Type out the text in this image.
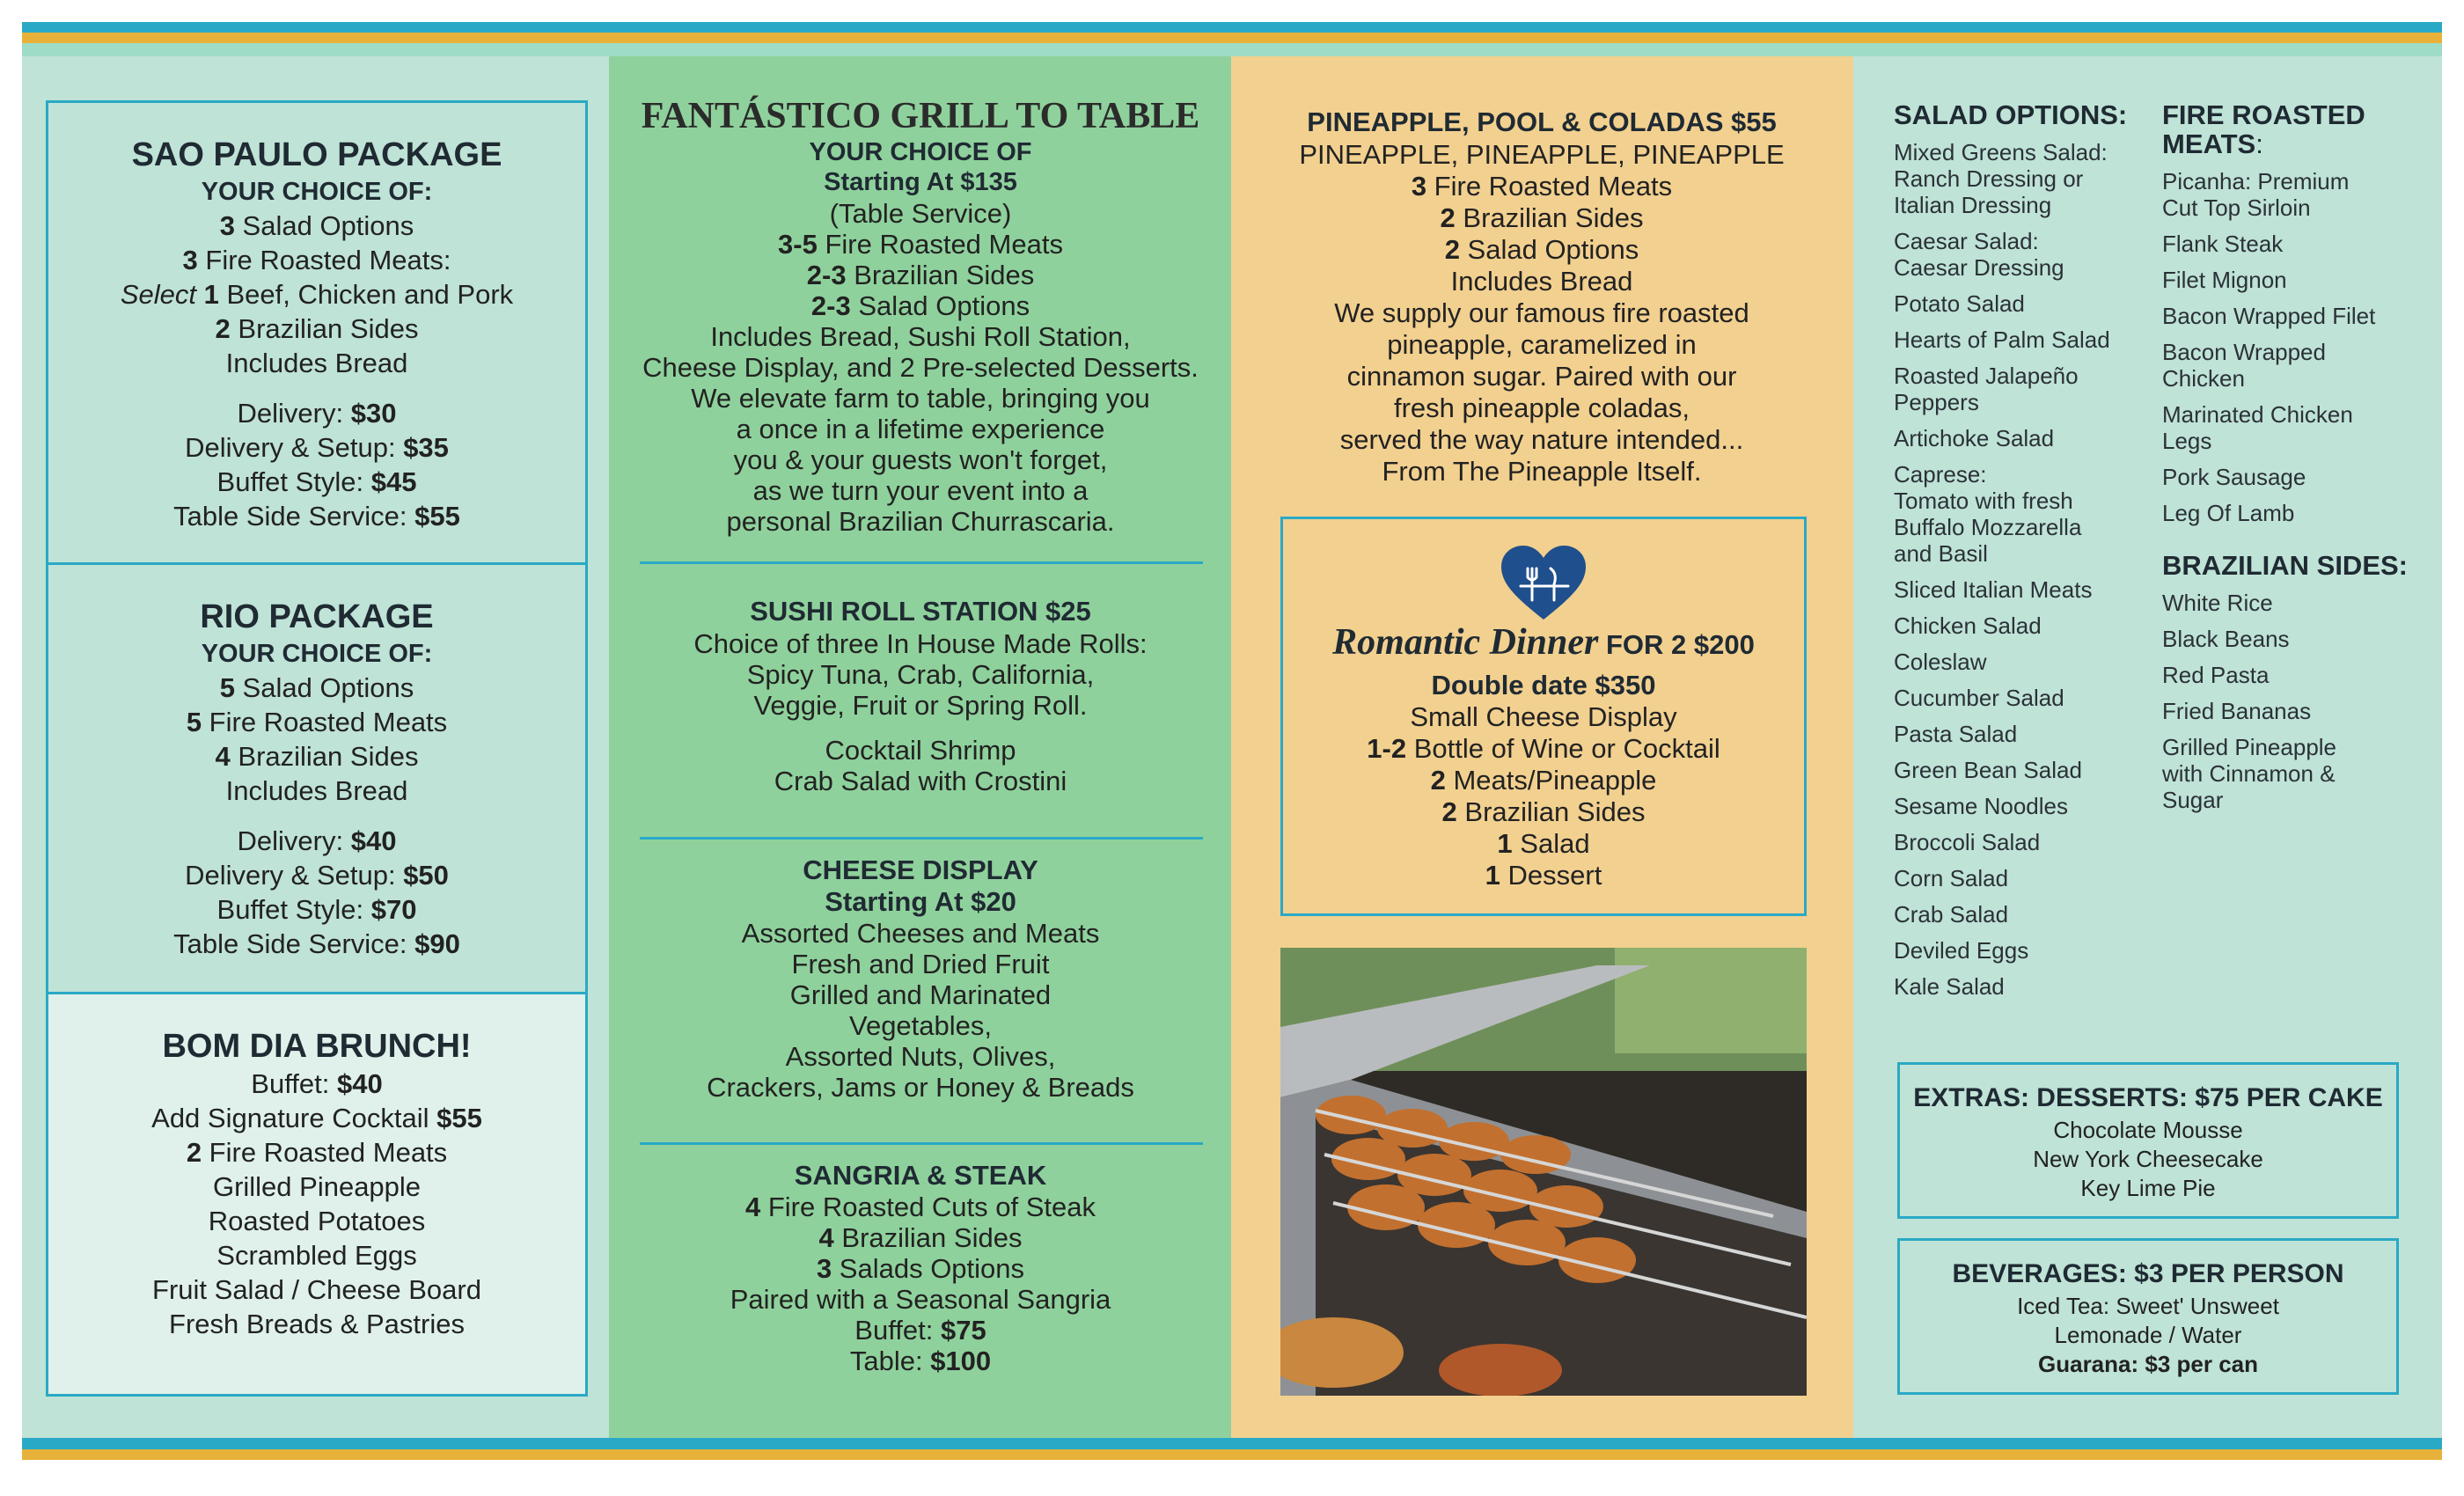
SAO PAULO PACKAGE
YOUR CHOICE OF:
3 Salad Options
3 Fire Roasted Meats:
Select 1 Beef, Chicken and Pork
2 Brazilian Sides
Includes Bread
Delivery: $30
Delivery & Setup: $35
Buffet Style: $45
Table Side Service: $55
RIO PACKAGE
YOUR CHOICE OF:
5 Salad Options
5 Fire Roasted Meats
4 Brazilian Sides
Includes Bread
Delivery: $40
Delivery & Setup: $50
Buffet Style: $70
Table Side Service: $90
BOM DIA BRUNCH!
Buffet: $40
Add Signature Cocktail $55
2 Fire Roasted Meats
Grilled Pineapple
Roasted Potatoes
Scrambled Eggs
Fruit Salad / Cheese Board
Fresh Breads & Pastries
FANTÁSTICO GRILL TO TABLE
YOUR CHOICE OF
Starting At $135
(Table Service)
3-5 Fire Roasted Meats
2-3 Brazilian Sides
2-3 Salad Options
Includes Bread, Sushi Roll Station,
Cheese Display, and 2 Pre-selected Desserts.
We elevate farm to table, bringing you
a once in a lifetime experience
you & your guests won't forget,
as we turn your event into a
personal Brazilian Churrascaria.
SUSHI ROLL STATION $25
Choice of three In House Made Rolls:
Spicy Tuna, Crab, California,
Veggie, Fruit or Spring Roll.
Cocktail Shrimp
Crab Salad with Crostini
CHEESE DISPLAY
Starting At $20
Assorted Cheeses and Meats
Fresh and Dried Fruit
Grilled and Marinated
Vegetables,
Assorted Nuts, Olives,
Crackers, Jams or Honey & Breads
SANGRIA & STEAK
4 Fire Roasted Cuts of Steak
4 Brazilian Sides
3 Salads Options
Paired with a Seasonal Sangria
Buffet: $75
Table: $100
PINEAPPLE, POOL & COLADAS $55
PINEAPPLE, PINEAPPLE, PINEAPPLE
3 Fire Roasted Meats
2 Brazilian Sides
2 Salad Options
Includes Bread
We supply our famous fire roasted
pineapple, caramelized in
cinnamon sugar. Paired with our
fresh pineapple coladas,
served the way nature intended...
From The Pineapple Itself.
Romantic Dinner FOR 2 $200
Double date $350
Small Cheese Display
1-2 Bottle of Wine or Cocktail
2 Meats/Pineapple
2 Brazilian Sides
1 Salad
1 Dessert
SALAD OPTIONS:
Mixed Greens Salad:
Ranch Dressing or
Italian Dressing
Caesar Salad:
Caesar Dressing
Potato Salad
Hearts of Palm Salad
Roasted Jalapeño
Peppers
Artichoke Salad
Caprese:
Tomato with fresh
Buffalo Mozzarella
and Basil
Sliced Italian Meats
Chicken Salad
Coleslaw
Cucumber Salad
Pasta Salad
Green Bean Salad
Sesame Noodles
Broccoli Salad
Corn Salad
Crab Salad
Deviled Eggs
Kale Salad
FIRE ROASTED
MEATS:
Picanha: Premium
Cut Top Sirloin
Flank Steak
Filet Mignon
Bacon Wrapped Filet
Bacon Wrapped
Chicken
Marinated Chicken
Legs
Pork Sausage
Leg Of Lamb
BRAZILIAN SIDES:
White Rice
Black Beans
Red Pasta
Fried Bananas
Grilled Pineapple
with Cinnamon &
Sugar
EXTRAS: DESSERTS: $75 PER CAKE
Chocolate Mousse
New York Cheesecake
Key Lime Pie
BEVERAGES: $3 PER PERSON
Iced Tea: Sweet' Unsweet
Lemonade / Water
Guarana: $3 per can
